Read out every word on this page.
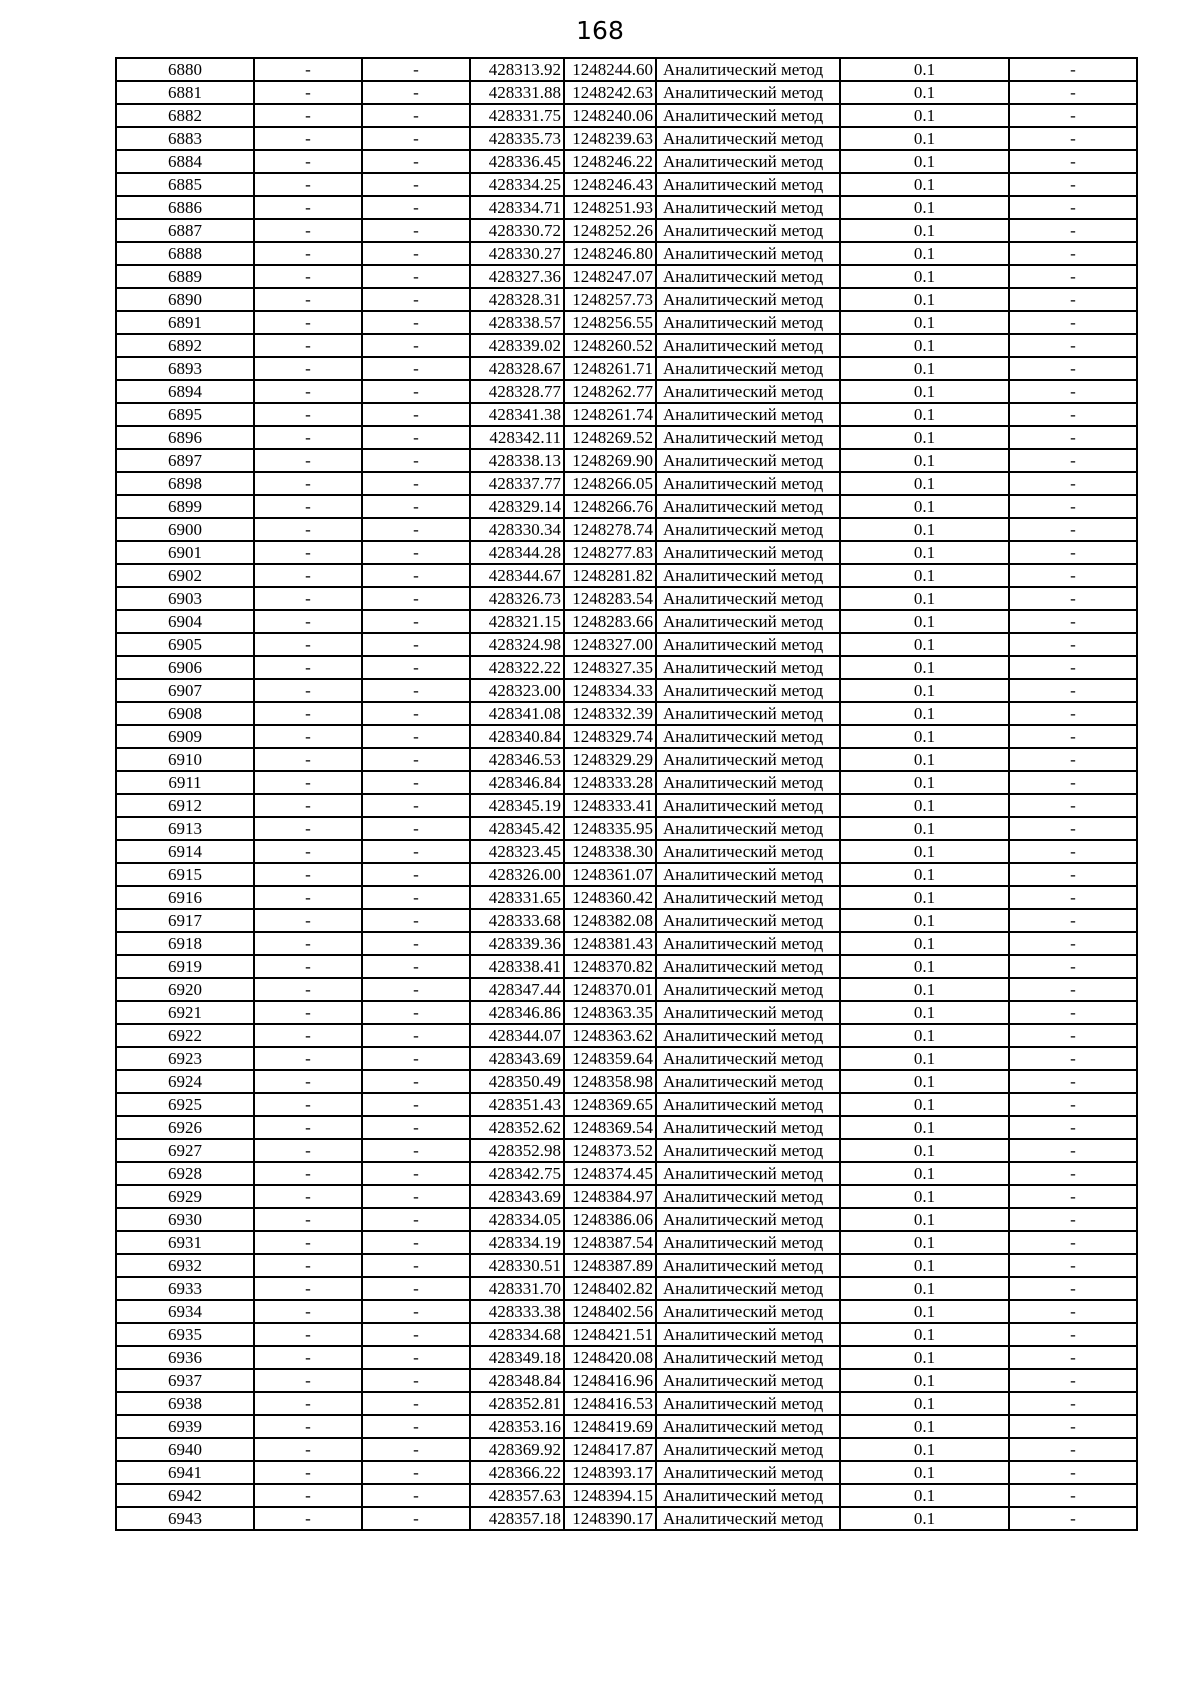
168
6880	-	-	428313.92	1248244.60	Аналитический метод	0.1	-
6881	-	-	428331.88	1248242.63	Аналитический метод	0.1	-
6882	-	-	428331.75	1248240.06	Аналитический метод	0.1	-
6883	-	-	428335.73	1248239.63	Аналитический метод	0.1	-
6884	-	-	428336.45	1248246.22	Аналитический метод	0.1	-
6885	-	-	428334.25	1248246.43	Аналитический метод	0.1	-
6886	-	-	428334.71	1248251.93	Аналитический метод	0.1	-
6887	-	-	428330.72	1248252.26	Аналитический метод	0.1	-
6888	-	-	428330.27	1248246.80	Аналитический метод	0.1	-
6889	-	-	428327.36	1248247.07	Аналитический метод	0.1	-
6890	-	-	428328.31	1248257.73	Аналитический метод	0.1	-
6891	-	-	428338.57	1248256.55	Аналитический метод	0.1	-
6892	-	-	428339.02	1248260.52	Аналитический метод	0.1	-
6893	-	-	428328.67	1248261.71	Аналитический метод	0.1	-
6894	-	-	428328.77	1248262.77	Аналитический метод	0.1	-
6895	-	-	428341.38	1248261.74	Аналитический метод	0.1	-
6896	-	-	428342.11	1248269.52	Аналитический метод	0.1	-
6897	-	-	428338.13	1248269.90	Аналитический метод	0.1	-
6898	-	-	428337.77	1248266.05	Аналитический метод	0.1	-
6899	-	-	428329.14	1248266.76	Аналитический метод	0.1	-
6900	-	-	428330.34	1248278.74	Аналитический метод	0.1	-
6901	-	-	428344.28	1248277.83	Аналитический метод	0.1	-
6902	-	-	428344.67	1248281.82	Аналитический метод	0.1	-
6903	-	-	428326.73	1248283.54	Аналитический метод	0.1	-
6904	-	-	428321.15	1248283.66	Аналитический метод	0.1	-
6905	-	-	428324.98	1248327.00	Аналитический метод	0.1	-
6906	-	-	428322.22	1248327.35	Аналитический метод	0.1	-
6907	-	-	428323.00	1248334.33	Аналитический метод	0.1	-
6908	-	-	428341.08	1248332.39	Аналитический метод	0.1	-
6909	-	-	428340.84	1248329.74	Аналитический метод	0.1	-
6910	-	-	428346.53	1248329.29	Аналитический метод	0.1	-
6911	-	-	428346.84	1248333.28	Аналитический метод	0.1	-
6912	-	-	428345.19	1248333.41	Аналитический метод	0.1	-
6913	-	-	428345.42	1248335.95	Аналитический метод	0.1	-
6914	-	-	428323.45	1248338.30	Аналитический метод	0.1	-
6915	-	-	428326.00	1248361.07	Аналитический метод	0.1	-
6916	-	-	428331.65	1248360.42	Аналитический метод	0.1	-
6917	-	-	428333.68	1248382.08	Аналитический метод	0.1	-
6918	-	-	428339.36	1248381.43	Аналитический метод	0.1	-
6919	-	-	428338.41	1248370.82	Аналитический метод	0.1	-
6920	-	-	428347.44	1248370.01	Аналитический метод	0.1	-
6921	-	-	428346.86	1248363.35	Аналитический метод	0.1	-
6922	-	-	428344.07	1248363.62	Аналитический метод	0.1	-
6923	-	-	428343.69	1248359.64	Аналитический метод	0.1	-
6924	-	-	428350.49	1248358.98	Аналитический метод	0.1	-
6925	-	-	428351.43	1248369.65	Аналитический метод	0.1	-
6926	-	-	428352.62	1248369.54	Аналитический метод	0.1	-
6927	-	-	428352.98	1248373.52	Аналитический метод	0.1	-
6928	-	-	428342.75	1248374.45	Аналитический метод	0.1	-
6929	-	-	428343.69	1248384.97	Аналитический метод	0.1	-
6930	-	-	428334.05	1248386.06	Аналитический метод	0.1	-
6931	-	-	428334.19	1248387.54	Аналитический метод	0.1	-
6932	-	-	428330.51	1248387.89	Аналитический метод	0.1	-
6933	-	-	428331.70	1248402.82	Аналитический метод	0.1	-
6934	-	-	428333.38	1248402.56	Аналитический метод	0.1	-
6935	-	-	428334.68	1248421.51	Аналитический метод	0.1	-
6936	-	-	428349.18	1248420.08	Аналитический метод	0.1	-
6937	-	-	428348.84	1248416.96	Аналитический метод	0.1	-
6938	-	-	428352.81	1248416.53	Аналитический метод	0.1	-
6939	-	-	428353.16	1248419.69	Аналитический метод	0.1	-
6940	-	-	428369.92	1248417.87	Аналитический метод	0.1	-
6941	-	-	428366.22	1248393.17	Аналитический метод	0.1	-
6942	-	-	428357.63	1248394.15	Аналитический метод	0.1	-
6943	-	-	428357.18	1248390.17	Аналитический метод	0.1	-
